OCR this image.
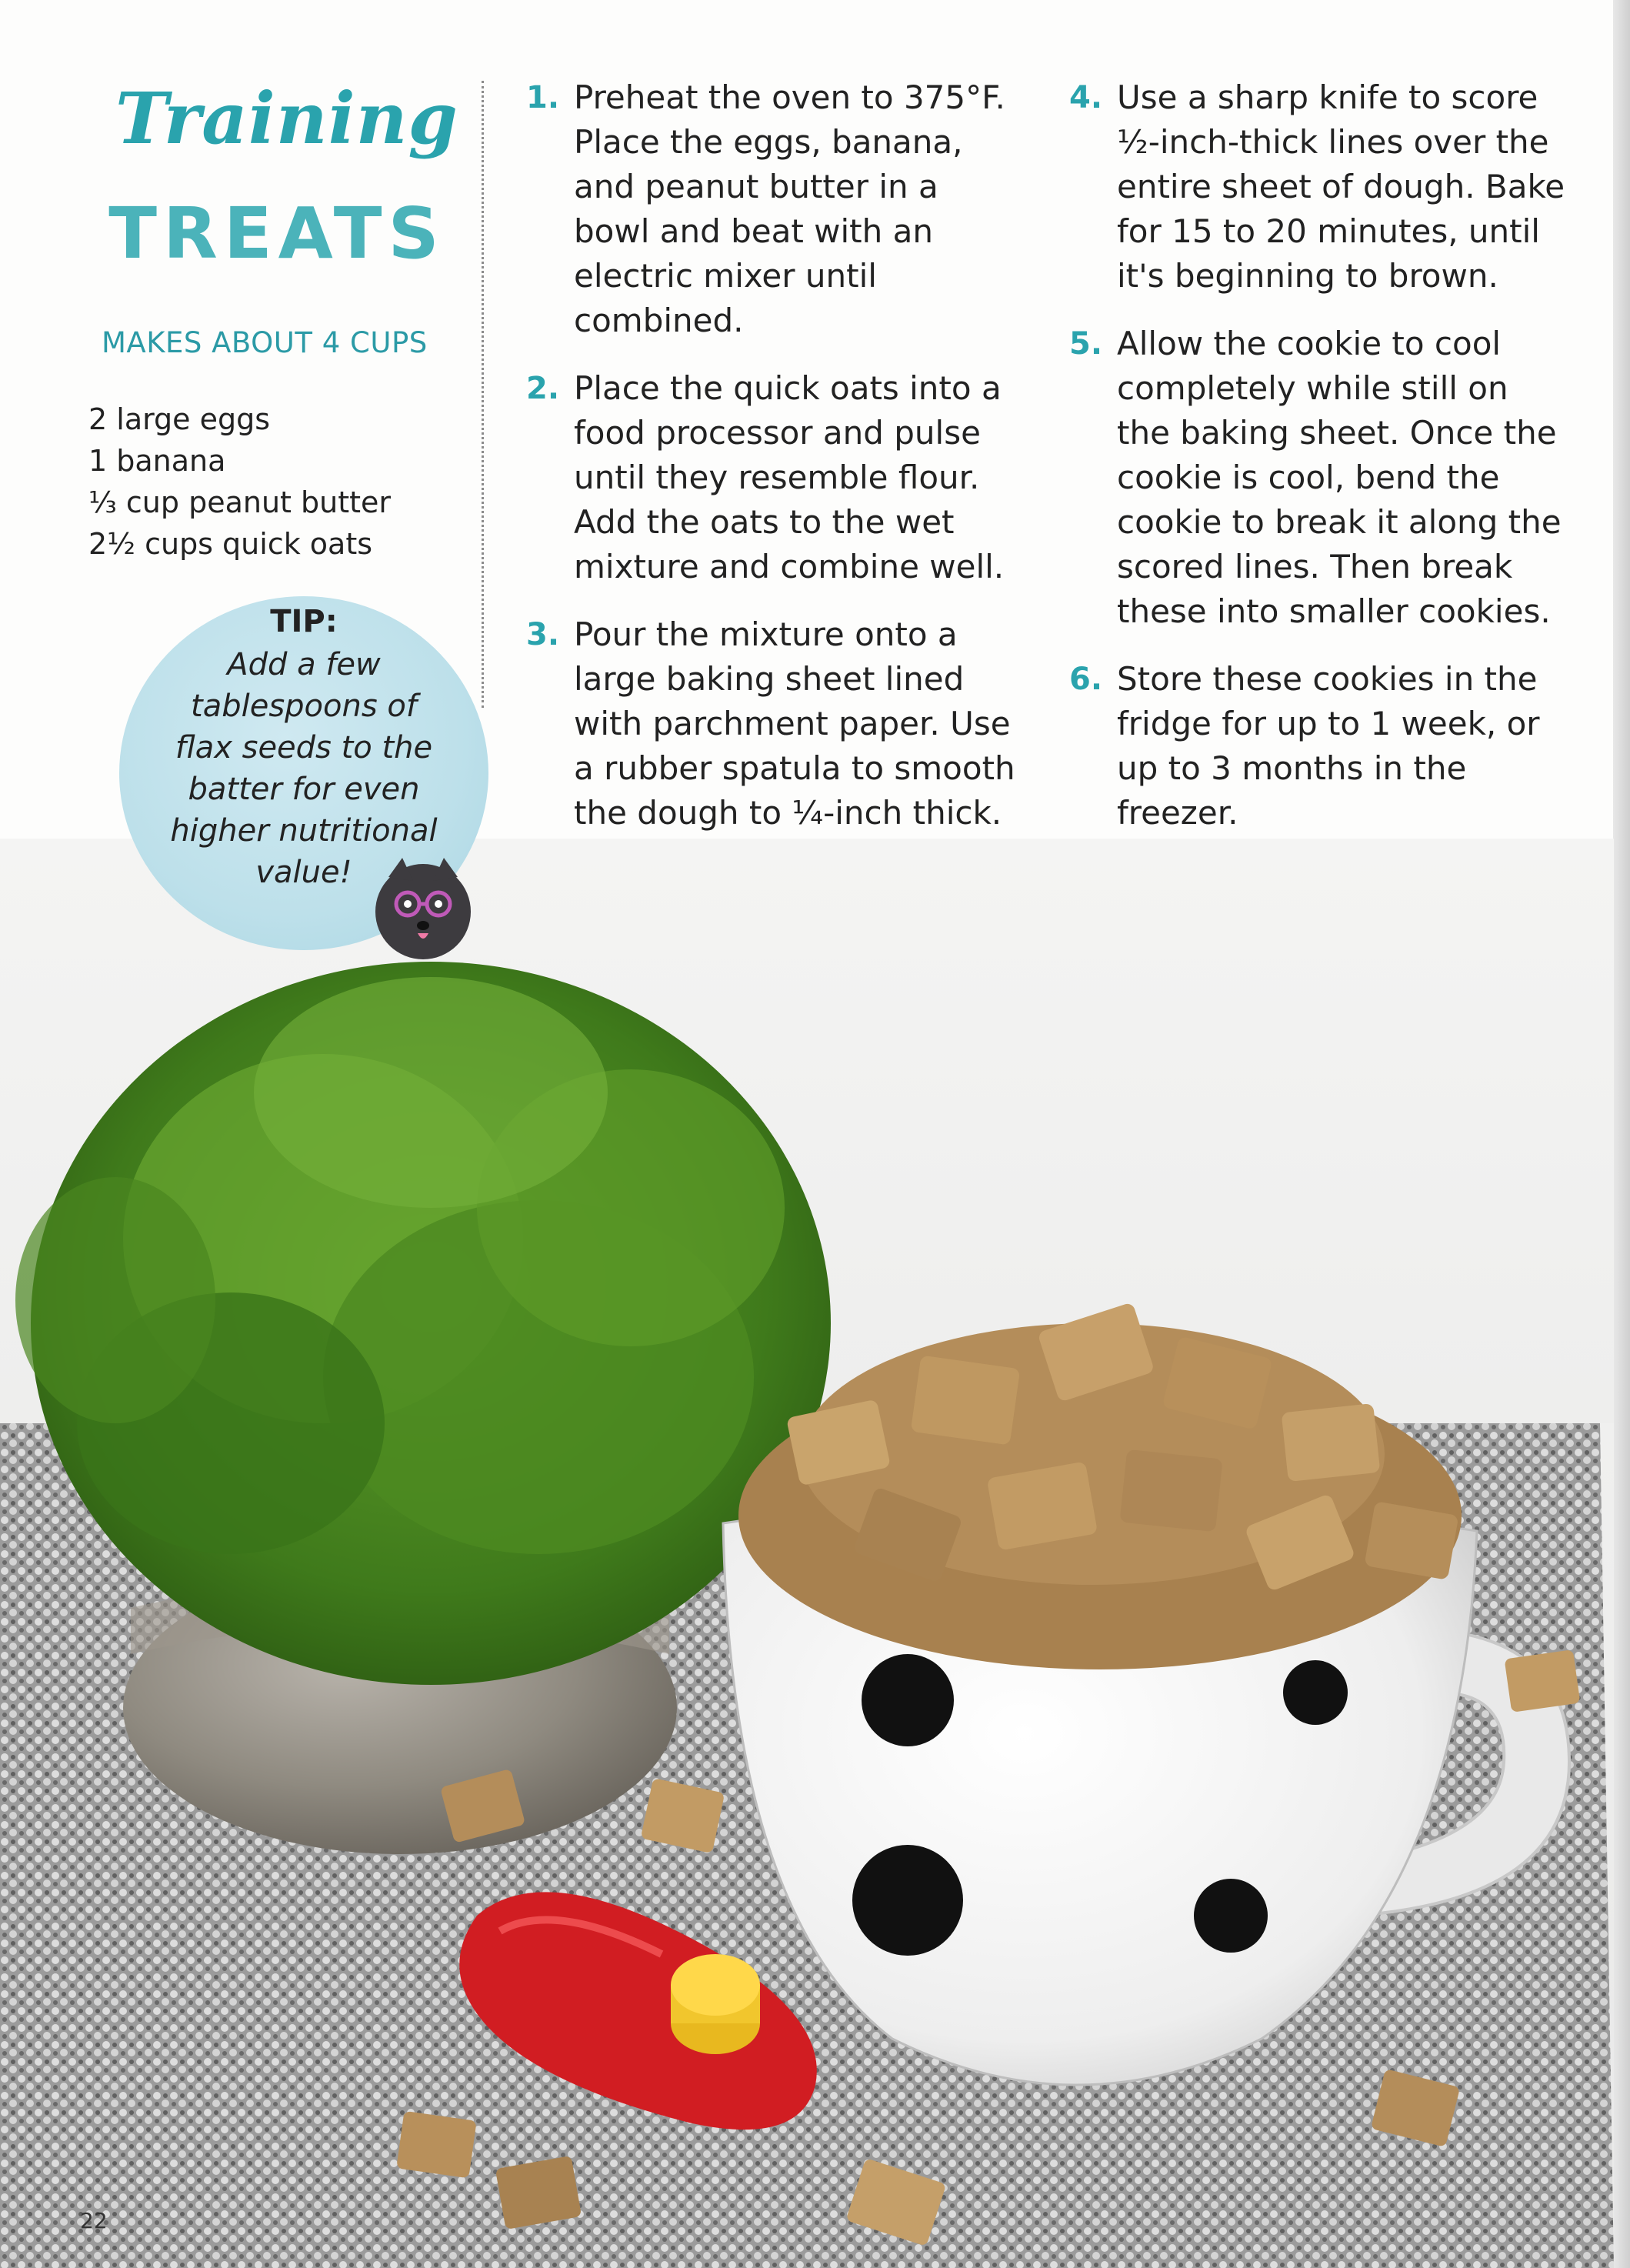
Training
TREATS
MAKES ABOUT 4 CUPS
2 large eggs
1 banana
⅓ cup peanut butter
2½ cups quick oats
1. Preheat the oven to 375°F. Place the eggs, banana, and peanut butter in a bowl and beat with an electric mixer until combined.
2. Place the quick oats into a food processor and pulse until they resemble flour. Add the oats to the wet mixture and combine well.
3. Pour the mixture onto a large baking sheet lined with parchment paper. Use a rubber spatula to smooth the dough to ¼-inch thick.
4. Use a sharp knife to score ½-inch-thick lines over the entire sheet of dough. Bake for 15 to 20 minutes, until it's beginning to brown.
5. Allow the cookie to cool completely while still on the baking sheet. Once the cookie is cool, bend the cookie to break it along the scored lines. Then break these into smaller cookies.
6. Store these cookies in the fridge for up to 1 week, or up to 3 months in the freezer.
TIP:
Add a few tablespoons of flax seeds to the batter for even higher nutritional value!
22
